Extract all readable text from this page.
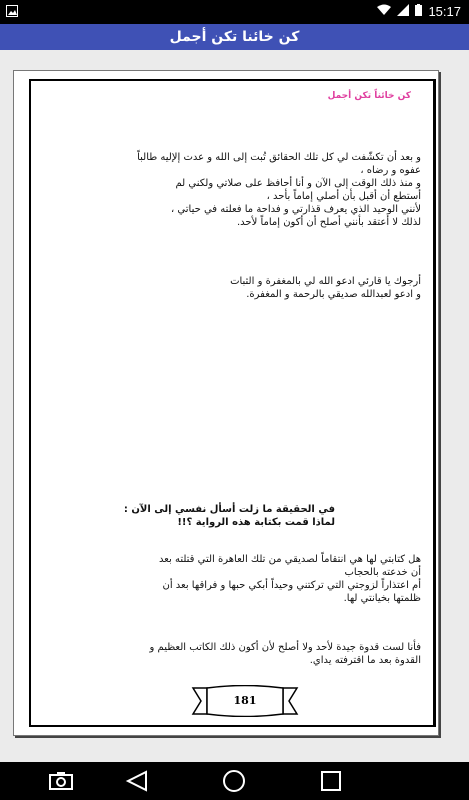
15:17
كن خائنا تكن أجمل
كن خائناً تكن أجمل
و بعد أن تكشّفت لي كل تلك الحقائق تُبت إلى الله و عدت إلإليه طالباً
عفوه و رضاه ،
و منذ ذلك الوقت إلى الآن و أنا أحافظ على صلاتي ولكني لم
أستطع أن أقبل بأن أصلي إماماً بأحد ،
لأنني الوحيد الذي يعرف قذارتي و فداحة ما فعلته في حياتي ،
لذلك لا أعتقد بأنني أصلح أن أكون إماماً لأحد.
أرجوك يا قارئي ادعو الله لي بالمغفرة و الثبات
و ادعو لعبدالله صديقي بالرحمة و المغفرة.
في الحقيقة ما زلت أسأل نفسي إلى الآن :
لماذا قمت بكتابة هذه الرواية ؟!!
هل كتابتي لها هي انتقاماً لصديقي من تلك العاهرة التي قتلته بعد
أن خدعته بالحجاب
أم اعتذاراً لزوجتي التي تركتني وحيداً أبكي حبها و فراقها بعد أن
ظلمتها بخيانتي لها.
فأنا لست قدوة جيدة لأحد ولا أصلح لأن أكون ذلك الكاتب العظيم و
القدوة بعد ما اقترفته يداي.
181
